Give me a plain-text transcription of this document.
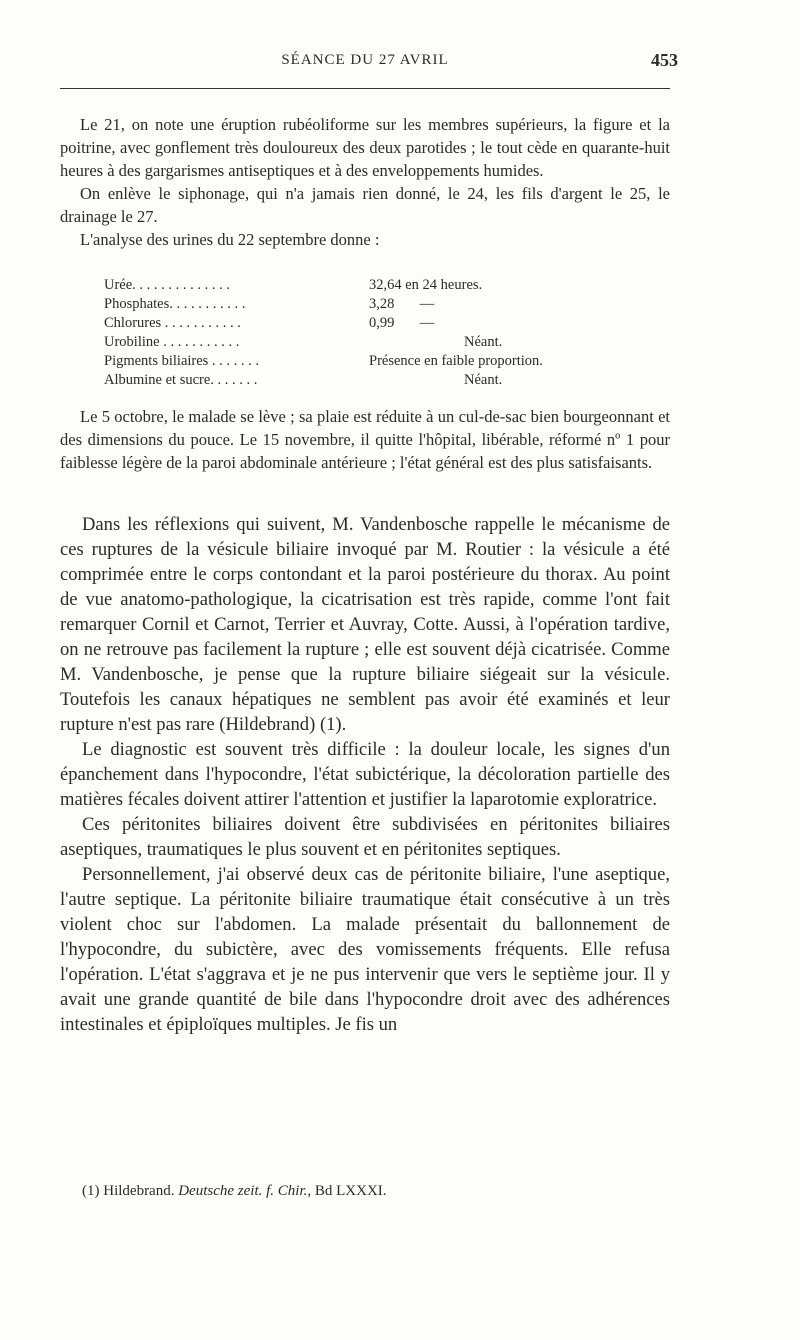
SÉANCE DU 27 AVRIL	453

Le 21, on note une éruption rubéoliforme sur les membres supérieurs, la figure et la poitrine, avec gonflement très douloureux des deux parotides ; le tout cède en quarante-huit heures à des gargarismes antiseptiques et à des enveloppements humides.

On enlève le siphonage, qui n'a jamais rien donné, le 24, les fils d'argent le 25, le drainage le 27.

L'analyse des urines du 22 septembre donne :

Urée. . . . . . . . . . . . . .	32,64 en 24 heures.
Phosphates. . . . . . . . . . .	3,28       —
Chlorures . . . . . . . . . . .	0,99       —
Urobiline . . . . . . . . . . .	Néant.
Pigments biliaires . . . . . . .	Présence en faible proportion.
Albumine et sucre. . . . . . .	Néant.

Le 5 octobre, le malade se lève ; sa plaie est réduite à un cul-de-sac bien bourgeonnant et des dimensions du pouce. Le 15 novembre, il quitte l'hôpital, libérable, réformé nº 1 pour faiblesse légère de la paroi abdominale antérieure ; l'état général est des plus satisfaisants.

Dans les réflexions qui suivent, M. Vandenbosche rappelle le mécanisme de ces ruptures de la vésicule biliaire invoqué par M. Routier : la vésicule a été comprimée entre le corps contondant et la paroi postérieure du thorax. Au point de vue anatomo-pathologique, la cicatrisation est très rapide, comme l'ont fait remarquer Cornil et Carnot, Terrier et Auvray, Cotte. Aussi, à l'opération tardive, on ne retrouve pas facilement la rupture ; elle est souvent déjà cicatrisée. Comme M. Vandenbosche, je pense que la rupture biliaire siégeait sur la vésicule. Toutefois les canaux hépatiques ne semblent pas avoir été examinés et leur rupture n'est pas rare (Hildebrand) (1).

Le diagnostic est souvent très difficile : la douleur locale, les signes d'un épanchement dans l'hypocondre, l'état subictérique, la décoloration partielle des matières fécales doivent attirer l'attention et justifier la laparotomie exploratrice.

Ces péritonites biliaires doivent être subdivisées en péritonites biliaires aseptiques, traumatiques le plus souvent et en péritonites septiques.

Personnellement, j'ai observé deux cas de péritonite biliaire, l'une aseptique, l'autre septique. La péritonite biliaire traumatique était consécutive à un très violent choc sur l'abdomen. La malade présentait du ballonnement de l'hypocondre, du subictère, avec des vomissements fréquents. Elle refusa l'opération. L'état s'aggrava et je ne pus intervenir que vers le septième jour. Il y avait une grande quantité de bile dans l'hypocondre droit avec des adhérences intestinales et épiploïques multiples. Je fis un

(1) Hildebrand. Deutsche zeit. f. Chir., Bd LXXXI.
